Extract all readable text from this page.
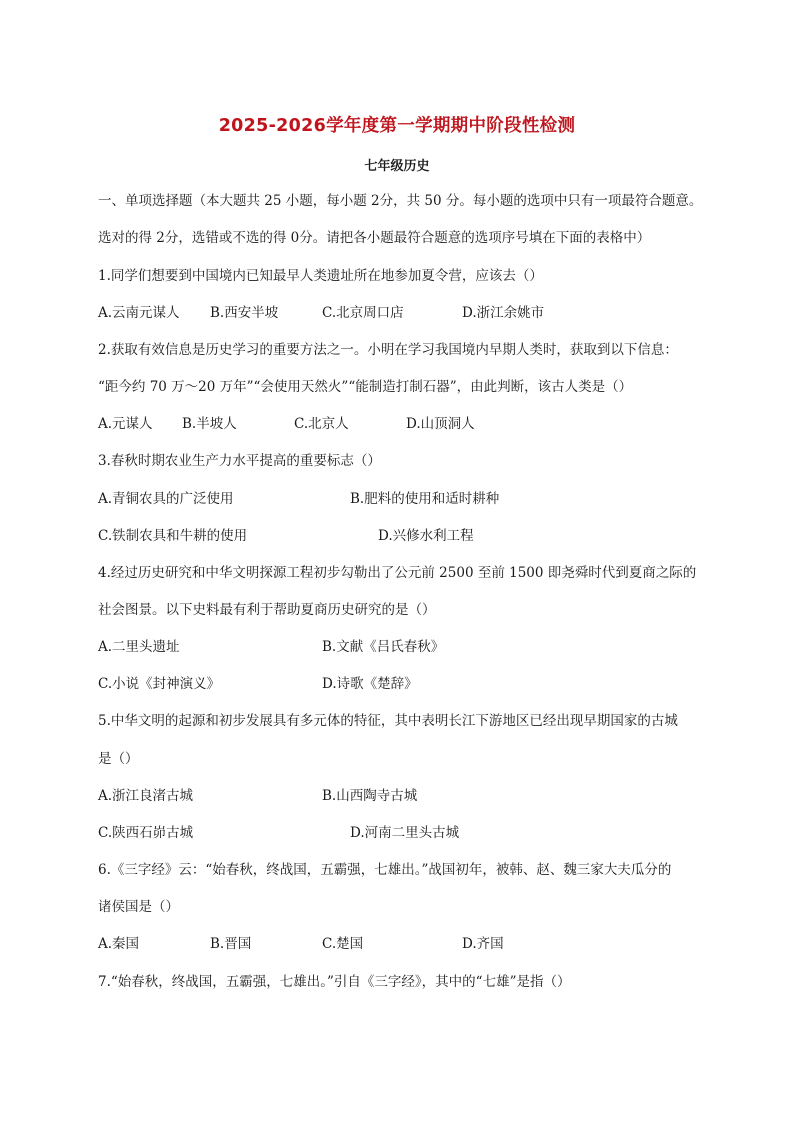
2025-2026学年度第一学期期中阶段性检测
七年级历史
一、单项选择题（本大题共 25 小题，每小题 2分，共 50 分。每小题的选项中只有一项最符合题意。
选对的得 2分，选错或不选的得 0分。请把各小题最符合题意的选项序号填在下面的表格中）
1.同学们想要到中国境内已知最早人类遗址所在地参加夏令营，应该去（）
A.云南元谋人 B.西安半坡	C.北京周口店	D.浙江余姚市
2.获取有效信息是历史学习的重要方法之一。小明在学习我国境内早期人类时，获取到以下信息：
“距今约 70 万～20 万年”“会使用天然火”“能制造打制石器”，由此判断，该古人类是（）
A.元谋人 B.半坡人	C.北京人	D.山顶洞人
3.春秋时期农业生产力水平提高的重要标志（）
A.青铜农具的广泛使用	B.肥料的使用和适时耕种
C.铁制农具和牛耕的使用	D.兴修水利工程
4.经过历史研究和中华文明探源工程初步勾勒出了公元前 2500 至前 1500 即尧舜时代到夏商之际的
社会图景。以下史料最有利于帮助夏商历史研究的是（）
A.二里头遗址	B.文献《吕氏春秋》
C.小说《封神演义》	D.诗歌《楚辞》
5.中华文明的起源和初步发展具有多元体的特征，其中表明长江下游地区已经出现早期国家的古城
是（）
A.浙江良渚古城	B.山西陶寺古城
C.陕西石峁古城	D.河南二里头古城
6.《三字经》云：“始春秋，终战国，五霸强，七雄出。”战国初年，被韩、赵、魏三家大夫瓜分的
诸侯国是（）
A.秦国	B.晋国	C.楚国	D.齐国
7.“始春秋，终战国，五霸强，七雄出。”引自《三字经》，其中的“七雄”是指（）
